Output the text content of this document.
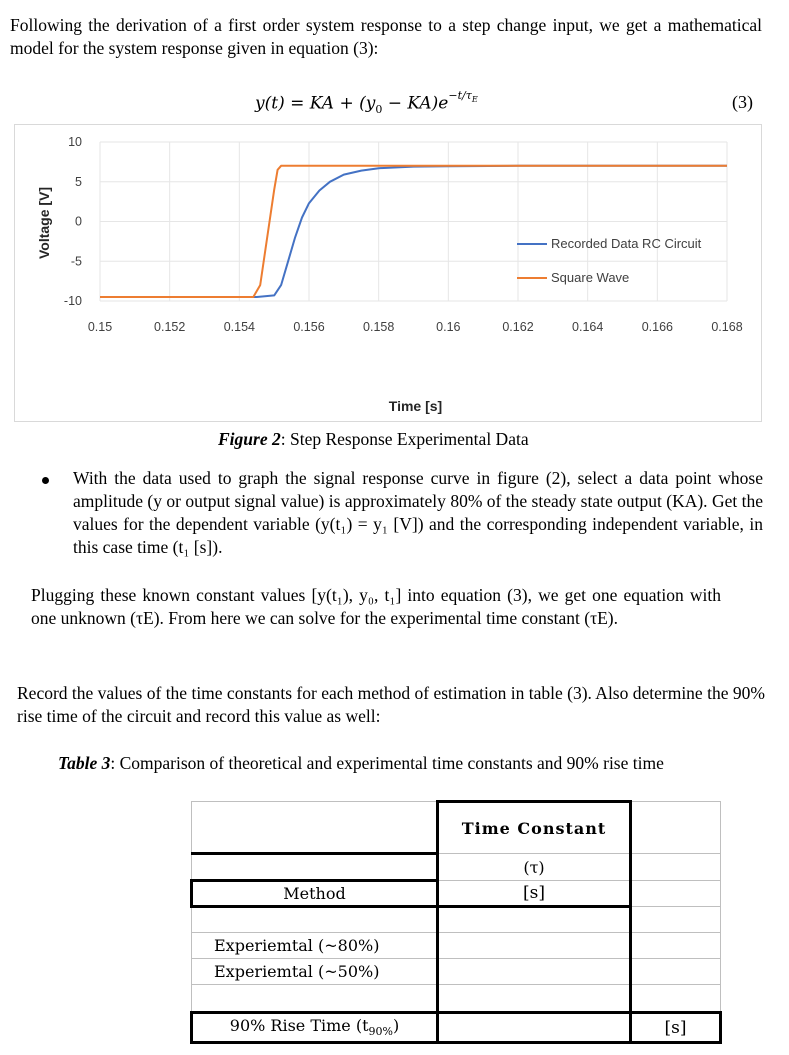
Following the derivation of a first order system response to a step change input, we get a mathematical model for the system response given in equation (3):
y(t) = KA + $(y_0 - KA)e^{-t/\tau_E}$	(3)
0.15	0.152	0.154	0.156	0.158	0.16	0.162	0.164	0.166	0.168
10
5
0
-5
-10
Recorded Data RC Circuit
Square Wave
Time [s]
Voltage [V]
Figure 2: Step Response Experimental Data
With the data used to graph the signal response curve in figure (2), select a data point whose amplitude (y or output signal value) is approximately 80% of the steady state output (KA). Get the values for the dependent variable (y(t₁) = y₁ [V]) and the corresponding independent variable, in this case time (t₁ [s]).
Plugging these known constant values [y(t₁), y₀, t₁] into equation (3), we get one equation with one unknown (τE). From here we can solve for the experimental time constant (τE).
Record the values of the time constants for each method of estimation in table (3). Also determine the 90% rise time of the circuit and record this value as well:
Table 3: Comparison of theoretical and experimental time constants and 90% rise time
	Time Constant	
	(τ)	
Method	[s]	

Experiemtal (~80%)		
Experiemtal (~50%)		

90% Rise Time $(t_{90\%})$		[s]
